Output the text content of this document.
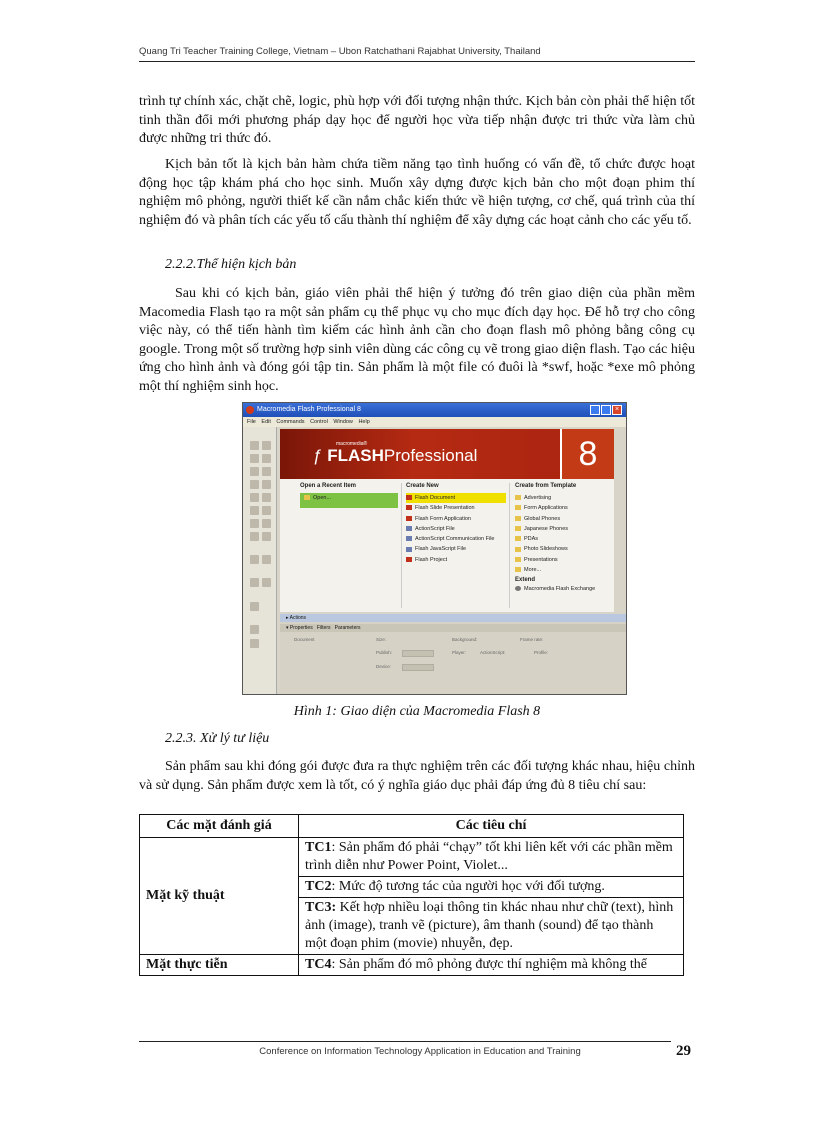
Quang Tri Teacher Training College, Vietnam – Ubon Ratchathani Rajabhat University, Thailand
trình tự chính xác, chặt chẽ, logic, phù hợp với đối tượng nhận thức. Kịch bản còn phải thể hiện tốt tinh thần đổi mới phương pháp dạy học để người học vừa tiếp nhận được tri thức vừa làm chủ được những tri thức đó.
Kịch bản tốt là kịch bản hàm chứa tiềm năng tạo tình huống có vấn đề, tổ chức được hoạt động học tập khám phá cho học sinh. Muốn xây dựng được kịch bản cho một đoạn phim thí nghiệm mô phỏng, người thiết kế cần nắm chắc kiến thức về hiện tượng, cơ chế, quá trình của thí nghiệm đó và phân tích các yếu tố cấu thành thí nghiệm để xây dựng các hoạt cảnh cho các yếu tố.
2.2.2.Thể hiện kịch bản
Sau khi có kịch bản, giáo viên phải thể hiện ý tưởng đó trên giao diện của phần mềm Macomedia Flash tạo ra một sản phẩm cụ thể phục vụ cho mục đích dạy học. Để hỗ trợ cho công việc này, có thể tiến hành tìm kiếm các hình ảnh cần cho đoạn flash mô phỏng bằng công cụ google. Trong một số trường hợp sinh viên dùng các công cụ vẽ trong giao diện flash. Tạo các hiệu ứng cho hình ảnh và đóng gói tập tin. Sản phẩm là một file có đuôi là *swf, hoặc *exe mô phỏng một thí nghiệm sinh học.
Macromedia Flash Professional 8	×
File Edit Commands Control Window Help
macromedia®
ƒ FLASHProfessional	8
Open a Recent Item
Open...
Create New
Flash Document
Flash Slide Presentation
Flash Form Application
ActionScript File
ActionScript Communication File
Flash JavaScript File
Flash Project
Create from Template
Advertising
Form Applications
Global Phones
Japanese Phones
PDAs
Photo Slideshows
Presentations
More...
Extend
Macromedia Flash Exchange
▸ Actions
▾ Properties Filters Parameters
Document	Size:	Background:	Frame rate:
Publish:	Player:	ActionScript:	Profile:
Device:
Hình 1: Giao diện của Macromedia Flash 8
2.2.3. Xử lý tư liệu
Sản phẩm sau khi đóng gói được đưa ra thực nghiệm trên các đối tượng khác nhau, hiệu chỉnh và sử dụng. Sản phẩm được xem là tốt, có ý nghĩa giáo dục phải đáp ứng đủ 8 tiêu chí sau:
Các mặt đánh giá	Các tiêu chí
Mặt kỹ thuật	TC1: Sản phẩm đó phải “chạy” tốt khi liên kết với các phần mềm trình diễn như Power Point, Violet...
	TC2: Mức độ tương tác của người học với đối tượng.
	TC3: Kết hợp nhiều loại thông tin khác nhau như chữ (text), hình ảnh (image), tranh vẽ (picture), âm thanh (sound) để tạo thành một đoạn phim (movie) nhuyễn, đẹp.
Mặt thực tiễn	TC4: Sản phẩm đó mô phỏng được thí nghiệm mà không thể
Conference on Information Technology Application in Education and Training	29
